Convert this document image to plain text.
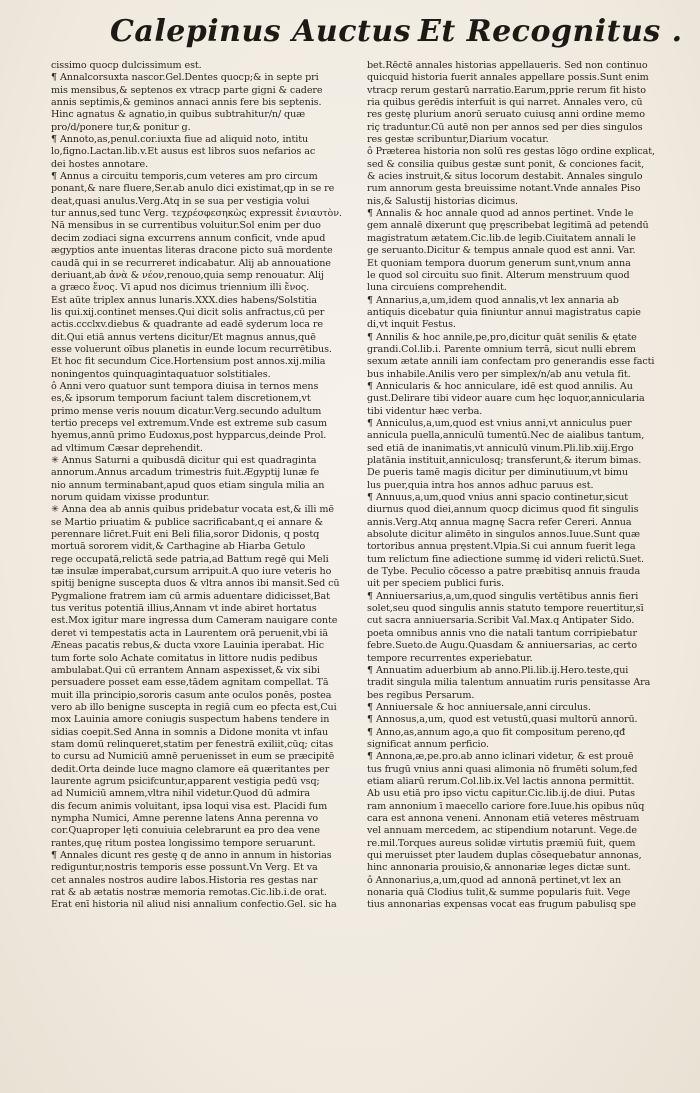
Calepinus Auctus Et Recognitus .
cissimo quocp dulcissimum est.
¶ Annalcorsuxta nascor.Gel.Dentes quocp;& in septe pri
mis mensibus,& septenos ex vtracp parte gigni & cadere
annis septimis,& geminos annaci annis fere bis septenis.
Hinc agnatus & agnatio,in quibus subtrahitur/n/ quæ
pro/d/ponere tur,& ponitur g.
¶ Annoto,as,penul.cor.iuxta fiue ad aliquid noto, intitu
lo,figno.Lactan.lib.v.Et ausus est libros suos nefarios ac
dei hostes annotare.
¶ Annus a circuitu temporis,cum veteres am pro circum
ponant,& nare fluere,Ser.ab anulo dici existimat,qp in se re
deat,quasi anulus.Verg.Atq in se sua per vestigia volui
tur annus,sed tunc Verg. τεχρέσφεσηκὼς expressit ἐνιαυτὸν.
Nā mensibus in se currentibus voluitur.Sol enim per duo
decim zodiaci signa excurrens annum conficit, vnde apud
ægyptios ante inuentas literas dracone picto suā mordente
caudā qui in se recurreret indicabatur. Alij ab annouatione
deriuant,ab ἀνὰ & νέον,renouo,quia semp renouatur. Alij
a græco ἔνος. Vī apud nos dicimus triennium illi ἔνος.
Est aūte triplex annus lunaris.XXX.dies habens/Solstitia
lis qui.xij.continet menses.Qui dicit solis anfractus,cū per
actis.ccclxv.diebus & quadrante ad eadē syderum loca re
dit.Qui etiā annus vertens dicitur/Et magnus annus,quē
esse voluerunt oībus planetis in eunde locum recurrētibus.
Et hoc fit secundum Cice.Hortensium post annos.xij.milia
noningentos quinquagintaquatuor solstitiales.
ô Anni vero quatuor sunt tempora diuisa in ternos mens
es,& ipsorum temporum faciunt talem discretionem,vt
primo mense veris nouum dicatur.Verg.secundo adultum
tertio preceps vel extremum.Vnde est extreme sub casum
hyemus,annū primo Eudoxus,post hypparcus,deinde Prol.
ad vltimum Cæsar deprehendit.
✳ Annus Saturni a quibusdā dicitur qui est quadraginta
annorum.Annus arcadum trimestris fuit.Ægyptij lunæ fe
nio annum terminabant,apud quos etiam singula milia an
norum quidam vixisse produntur.
✳ Anna dea ab annis quibus pridebatur vocata est,& illi mē
se Martio priuatim & publice sacrificabant,q ei annare &
perennare lic̄ret.Fuit eni Beli filia,soror Didonis, q postq
mortuā sororem vidit,& Carthagine ab Hiarba Getulo
rege occupatā,relictā sede patria,ad Battum regē qui Meli
tæ insulæ imperabat,cursum arripuit.A quo iure veteris ho
spitij benigne suscepta duos & vltra annos ibi mansit.Sed cū
Pygmalione fratrem iam cū armis aduentare didicisset,Bat
tus veritus potentiā illius,Annam vt inde abiret hortatus
est.Mox igitur mare ingressa dum Cameram nauigare conte
deret vi tempestatis acta in Laurentem orā peruenit,vbi iā
Æneas pacatis rebus,& ducta vxore Lauinia iperabat. Hic
tum forte solo Achate comitatus in littore nudis pedibus
ambulabat.Qui cū errantem Annam aspexisset,& vix sibi
persuadere posset eam esse,tādem agnitam compellat. Tā
muit illa principio,sororis casum ante oculos ponēs, postea
vero ab illo benigne suscepta in regiā cum eo pfecta est,Cui
mox Lauinia amore coniugis suspectum habens tendere in
sidias coepit.Sed Anna in somnis a Didone monita vt infau
stam domū relinqueret,statim per fenestrā exiliit,cūq; citas
to cursu ad Numiciū amnē peruenisset in eum se præcipitē
dedit.Orta deinde luce magno clamore eā quæritantes per
laurente agrum psicifcuntur,apparent vestigia pedū vsq;
ad Numiciū amnem,vltra nihil videtur.Quod dū admira
dis fecum animis voluitant, ipsa loqui visa est. Placidi fum
nympha Numici, Amne perenne latens Anna perenna vo
cor.Quaproper lęti conuiuia celebrarunt ea pro dea vene
rantes,quę ritum postea longissimo tempore seruarunt.
¶ Annales dicunt res gestę q de anno in annum in historias
rediguntur,nostris temporis esse possunt.Vn Verg. Et va
cet annales nostros audire labos.Historia res gestas nar
rat & ab ætatis nostræ memoria remotas.Cic.lib.i.de orat.
Erat enī historia nil aliud nisi annalium confectio.Gel. sic ha
bet.Rēctē annales historias appellaueris. Sed non continuo
quicquid historia fuerit annales appellare possis.Sunt enim
vtracp rerum gestarū narratio.Earum,pprie rerum fit histo
ria quibus gerēdis interfuit is qui narret. Annales vero, cū
res gestę plurium anorū seruato cuiusq anni ordine memo
riç traduntur.Cū autē non per annos sed per dies singulos
res gestæ scribuntur,Diarium vocatur.
ô Præterea historia non solū res gestas lōgo ordine explicat,
sed & consilia quibus gestæ sunt ponit, & conciones facit,
& acies instruit,& situs locorum destabit. Annales singulo
rum annorum gesta breuissime notant.Vnde annales Piso
nis,& Salustij historias dicimus.
¶ Annalis & hoc annale quod ad annos pertinet. Vnde le
gem annalē dixerunt quę pręscribebat legitimā ad petendū
magistratum ætatem.Cic.lib.de legib.Ciuitatem annali le
ge seruanto.Dicitur & tempus annale quod est anni. Var.
Et quoniam tempora duorum generum sunt,vnum anna
le quod sol circuitu suo finit. Alterum menstruum quod
luna circuiens comprehendit.
¶ Annarius,a,um,idem quod annalis,vt lex annaria ab
antiquis dicebatur quia finiuntur annui magistratus capie
di,vt inquit Festus.
¶ Annilis & hoc annile,pe,pro,dicitur quāt senilis & ętate
grandi.Col.lib.i. Parente omnium terrā, sicut nulli ebrem
sexum ætate annili iam confectam pro generandis esse facti
bus inhabile.Anilis vero per simplex/n/ab anu vetula fit.
¶ Annicularis & hoc anniculare, idē est quod annilis. Au
gust.Delirare tibi videor auare cum hęc loquor,annicularia
tibi videntur hæc verba.
¶ Anniculus,a,um,quod est vnius anni,vt anniculus puer
annicula puella,anniculū tumentū.Nec de aialibus tantum,
sed etiā de inanimatis,vt anniculū vinum.Pli.lib.xiij.Ergo
platānia instituit,anniculosq; transferunt,& iterum bimas.
De pueris tamē magis dicitur per diminutiuum,vt bimu
lus puer,quia intra hos annos adhuc paruus est.
¶ Annuus,a,um,quod vnius anni spacio continetur,sicut
diurnus quod diei,annum quocp dicimus quod fit singulis
annis.Verg.Atq annua magnę Sacra refer Cereri. Annua
absolute dicitur alimēto in singulos annos.Iuue.Sunt quæ
tortoribus annua pręstent.Vlpia.Si cui annum fuerit lega
tum relictum fine adiectione summę id videri relictū.Suet.
de Tybe. Peculio cōcesso a patre præbitisq annuis frauda
uit per speciem publici furis.
¶ Anniuersarius,a,um,quod singulis vertētibus annis fieri
solet,seu quod singulis annis statuto tempore reuertitur,sī
cut sacra anniuersaria.Scribit Val.Max.q Antipater Sido.
poeta omnibus annis vno die natali tantum corripiebatur
febre.Sueto.de Augu.Quasdam & anniuersarias, ac certo
tempore recurrentes experiebatur.
¶ Annuatim aduerbium ab anno.Pli.lib.ij.Hero.teste,qui
tradit singula milia talentum annuatim ruris pensitasse Ara
bes regibus Persarum.
¶ Anniuersale & hoc anniuersale,anni circulus.
¶ Annosus,a,um, quod est vetustū,quasi multorū annorū.
¶ Anno,as,annum ago,a quo fit compositum pereno,qđ
significat annum perficio.
¶ Annona,æ,pe.pro.ab anno iclinari videtur, & est prouē
tus frugū vnius anni quasi alimonia nō frumēti solum,fed
etiam aliarū rerum.Col.lib.ix.Vel lactis annona permittit.
Ab usu etiā pro ipso victu capitur.Cic.lib.ij.de diui. Putas
ram annonium ī maecello cariore fore.Iuue.his opibus nūq
cara est annona veneni. Annonam etiā veteres mēstruam
vel annuam mercedem, ac stipendium notarunt. Vege.de
re.mil.Torques aureus solidæ virtutis præmiū fuit, quem
qui meruisset pter laudem duplas cōsequebatur annonas,
hinc annonaria prouisio,& annonariæ leges dictæ sunt.
ô Annonarius,a,um,quod ad annonā pertinet,vt lex an
nonaria quā Clodius tulit,& summe popularis fuit. Vege
tius annonarias expensas vocat eas frugum pabulisq spe
